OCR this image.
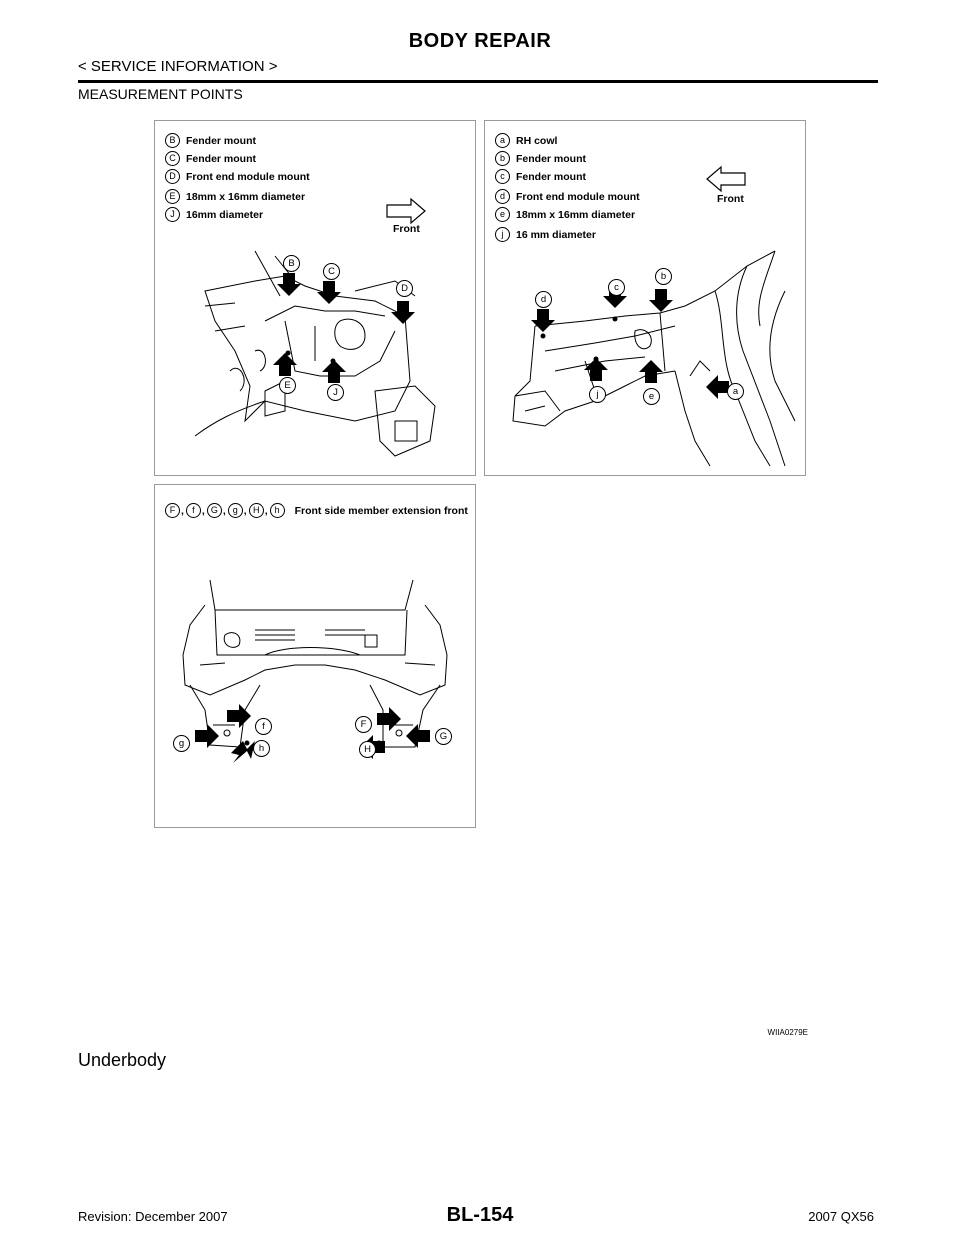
BODY REPAIR
< SERVICE INFORMATION >
MEASUREMENT POINTS
B	Fender mount
C Fender mount
D Front end module mount
E	18mm x 16mm diameter
J	16mm diameter
Front
B
C
D
E
J
a	RH cowl
b	Fender mount
c	Fender mount
d	Front end module mount
e	18mm x 16mm diameter
j	16 mm diameter
Front
a
b
c
d
e
j
F , f , G , g , H , h	Front side member extension front
F
f
G
g
H
h
WIIA0279E
Underbody
Revision: December 2007	BL-154	2007 QX56
